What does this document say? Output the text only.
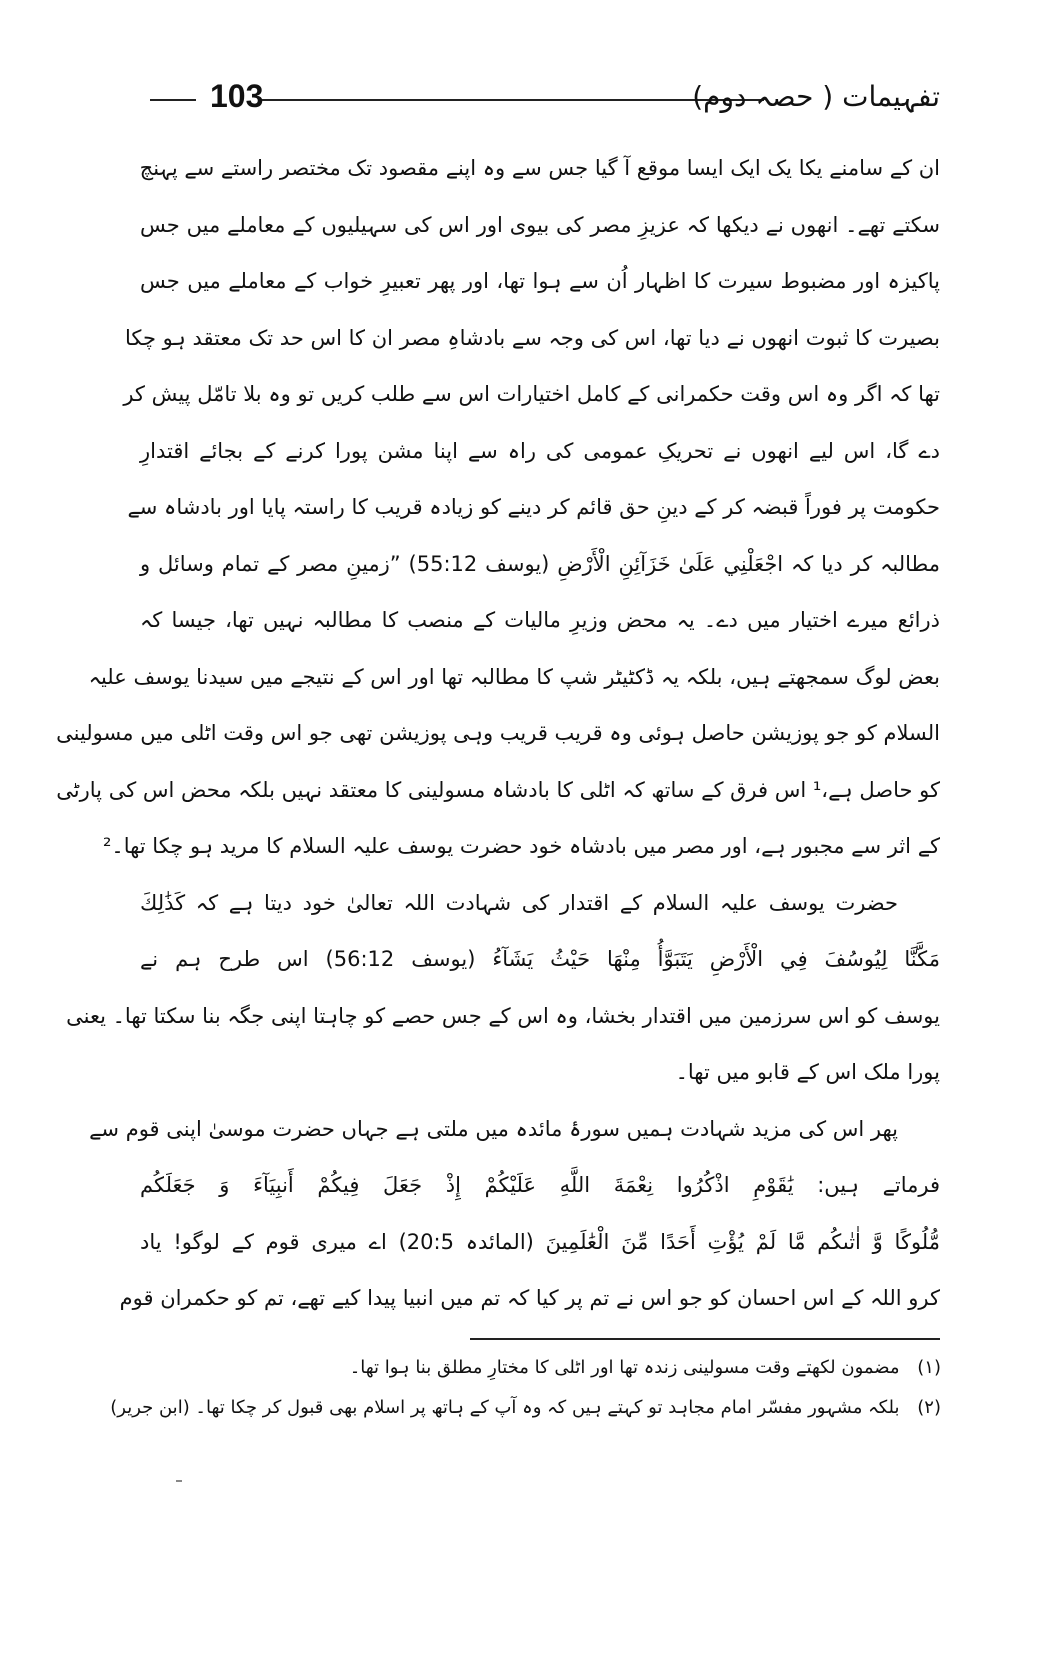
103	تفہیمات ( حصہ دوم)
ان کے سامنے یکا یک ایک ایسا موقع آ گیا جس سے وہ اپنے مقصود تک مختصر راستے سے پہنچ
سکتے تھے۔ انھوں نے دیکھا کہ عزیزِ مصر کی بیوی اور اس کی سہیلیوں کے معاملے میں جس
پاکیزہ اور مضبوط سیرت کا اظہار اُن سے ہوا تھا، اور پھر تعبیرِ خواب کے معاملے میں جس
بصیرت کا ثبوت انھوں نے دیا تھا، اس کی وجہ سے بادشاہِ مصر ان کا اس حد تک معتقد ہو چکا
تھا کہ اگر وہ اس وقت حکمرانی کے کامل اختیارات اس سے طلب کریں تو وہ بلا تامّل پیش کر
دے گا، اس لیے انھوں نے تحریکِ عمومی کی راہ سے اپنا مشن پورا کرنے کے بجائے اقتدارِ
حکومت پر فوراً قبضہ کر کے دینِ حق قائم کر دینے کو زیادہ قریب کا راستہ پایا اور بادشاہ سے
مطالبہ کر دیا کہ اجْعَلْنِي عَلَىٰ خَزَآئِنِ الْأَرْضِ (یوسف 55:12) ”زمینِ مصر کے تمام وسائل و
ذرائع میرے اختیار میں دے۔ یہ محض وزیرِ مالیات کے منصب کا مطالبہ نہیں تھا، جیسا کہ
بعض لوگ سمجھتے ہیں، بلکہ یہ ڈکٹیٹر شپ کا مطالبہ تھا اور اس کے نتیجے میں سیدنا یوسف علیہ
السلام کو جو پوزیشن حاصل ہوئی وہ قریب قریب وہی پوزیشن تھی جو اس وقت اٹلی میں مسولینی
کو حاصل ہے،¹ اس فرق کے ساتھ کہ اٹلی کا بادشاہ مسولینی کا معتقد نہیں بلکہ محض اس کی پارٹی
کے اثر سے مجبور ہے، اور مصر میں بادشاہ خود حضرت یوسف علیہ السلام کا مرید ہو چکا تھا۔²
حضرت یوسف علیہ السلام کے اقتدار کی شہادت اللہ تعالیٰ خود دیتا ہے کہ كَذَٰلِكَ
مَكَّنَّا لِيُوسُفَ فِي الْأَرْضِ يَتَبَوَّأُ مِنْهَا حَيْثُ يَشَآءُ (یوسف 56:12) اس طرح ہم نے
یوسف کو اس سرزمین میں اقتدار بخشا، وہ اس کے جس حصے کو چاہتا اپنی جگہ بنا سکتا تھا۔ یعنی
پورا ملک اس کے قابو میں تھا۔
پھر اس کی مزید شہادت ہمیں سورۂ مائدہ میں ملتی ہے جہاں حضرت موسیٰ اپنی قوم سے
فرماتے ہیں: يَٰقَوْمِ اذْكُرُوا نِعْمَةَ اللَّهِ عَلَيْكُمْ إِذْ جَعَلَ فِيكُمْ أَنبِيَآءَ وَ جَعَلَكُم
مُّلُوكًا وَّ اٰتٰىكُم مَّا لَمْ يُؤْتِ أَحَدًا مِّنَ الْعَٰلَمِينَ (المائدہ 20:5) اے میری قوم کے لوگو! یاد
کرو اللہ کے اس احسان کو جو اس نے تم پر کیا کہ تم میں انبیا پیدا کیے تھے، تم کو حکمران قوم
(۱) مضمون لکھتے وقت مسولینی زندہ تھا اور اٹلی کا مختارِ مطلق بنا ہوا تھا۔
(۲) بلکہ مشہور مفسّر امام مجاہد تو کہتے ہیں کہ وہ آپ کے ہاتھ پر اسلام بھی قبول کر چکا تھا۔ (ابن جریر)
